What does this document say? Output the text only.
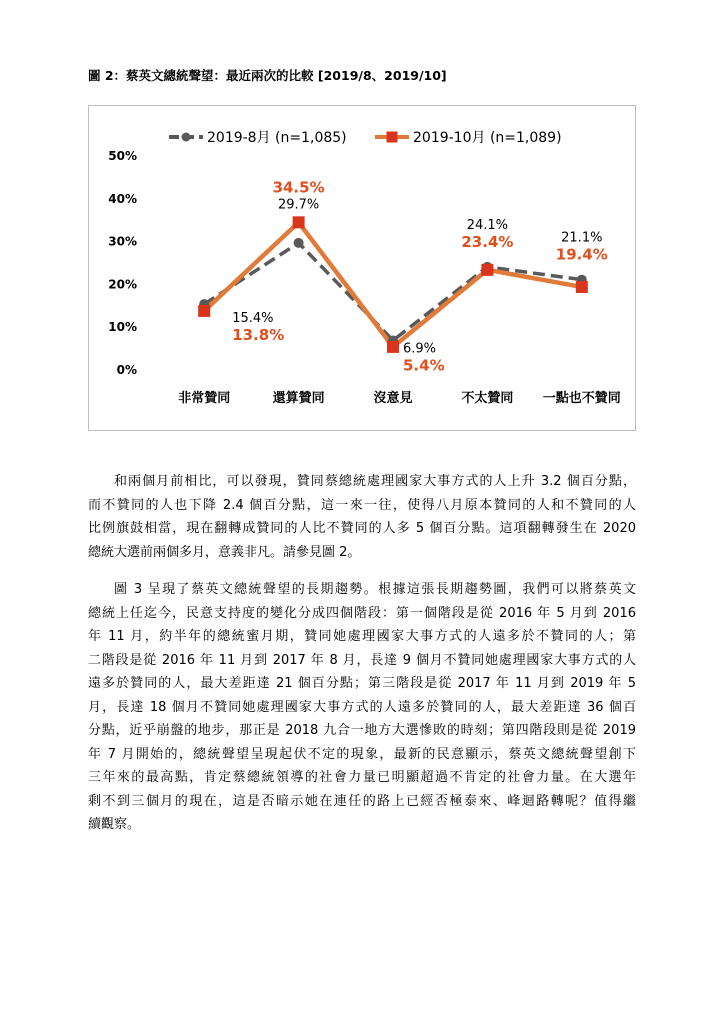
圖 2：蔡英文總統聲望：最近兩次的比較 [2019/8、2019/10]
0%
10%
20%
30%
40%
50%
非常贊同	還算贊同	沒意見	不太贊同 一點也不贊同
2019-8月 (n=1,085)	2019-10月 (n=1,089)
15.4%
29.7%
6.9%
24.1%
21.1%
13.8%
34.5%
5.4%
23.4%
19.4%

和兩個月前相比，可以發現，贊同蔡總統處理國家大事方式的人上升 3.2 個百分點，
而不贊同的人也下降 2.4 個百分點，這一來一往，使得八月原本贊同的人和不贊同的人
比例旗鼓相當，現在翻轉成贊同的人比不贊同的人多 5 個百分點。這項翻轉發生在 2020
總統大選前兩個多月，意義非凡。請參見圖 2。

圖 3 呈現了蔡英文總統聲望的長期趨勢。根據這張長期趨勢圖，我們可以將蔡英文
總統上任迄今，民意支持度的變化分成四個階段：第一個階段是從 2016 年 5 月到 2016
年 11 月，約半年的總統蜜月期，贊同她處理國家大事方式的人遠多於不贊同的人；第
二階段是從 2016 年 11 月到 2017 年 8 月，長達 9 個月不贊同她處理國家大事方式的人
遠多於贊同的人，最大差距達 21 個百分點；第三階段是從 2017 年 11 月到 2019 年 5
月，長達 18 個月不贊同她處理國家大事方式的人遠多於贊同的人，最大差距達 36 個百
分點，近乎崩盤的地步，那正是 2018 九合一地方大選慘敗的時刻；第四階段則是從 2019
年 7 月開始的，總統聲望呈現起伏不定的現象，最新的民意顯示，蔡英文總統聲望創下
三年來的最高點，肯定蔡總統領導的社會力量已明顯超過不肯定的社會力量。在大選年
剩不到三個月的現在，這是否暗示她在連任的路上已經否極泰來、峰迴路轉呢？值得繼
續觀察。
